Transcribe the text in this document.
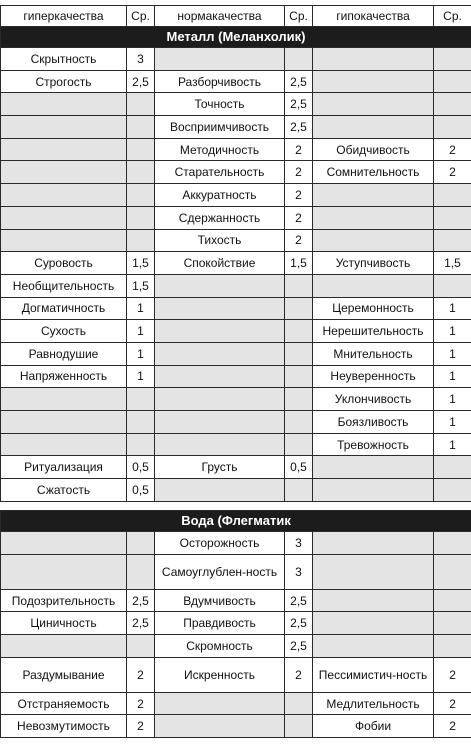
гиперкачества	Ср.	нормакачества	Ср.	гипокачества	Ср.
Металл (Меланхолик)					
Скрытность	3				
Строгость	2,5	Разборчивость	2,5		
		Точность	2,5		
		Восприимчивость	2,5		
		Методичность	2	Обидчивость	2
		Старательность	2	Сомнительность	2
		Аккуратность	2		
		Сдержанность	2		
		Тихость	2		
Суровость	1,5	Спокойствие	1,5	Уступчивость	1,5
Необщительность	1,5				
Догматичность	1			Церемонность	1
Сухость	1			Нерешительность	1
Равнодушие	1			Мнительность	1
Напряженность	1			Неуверенность	1
				Уклончивость	1
				Боязливость	1
				Тревожность	1
Ритуализация	0,5	Грусть	0,5		
Сжатость	0,5				
Вода (Флегматик					
		Осторожность	3		
		Самоуглублен-ность	3		
Подозрительность	2,5	Вдумчивость	2,5		
Циничность	2,5	Правдивость	2,5		
		Скромность	2,5		
Раздумывание	2	Искренность	2	Пессимистич-ность	2
Отстраняемость	2			Медлительность	2
Невозмутимость	2			Фобии	2
